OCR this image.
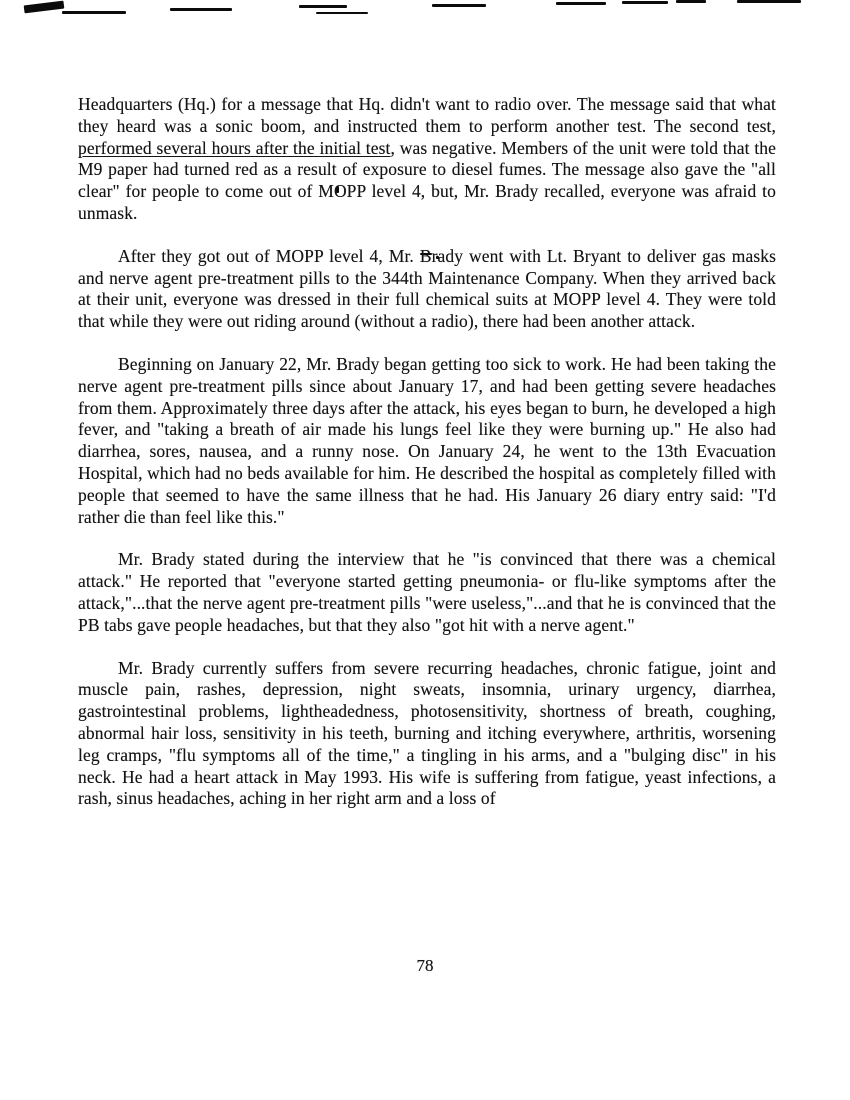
Headquarters (Hq.) for a message that Hq. didn't want to radio over. The message said that what they heard was a sonic boom, and instructed them to perform another test. The second test, performed several hours after the initial test, was negative. Members of the unit were told that the M9 paper had turned red as a result of exposure to diesel fumes. The message also gave the "all clear" for people to come out of MOPP level 4, but, Mr. Brady recalled, everyone was afraid to unmask.

After they got out of MOPP level 4, Mr. Brady went with Lt. Bryant to deliver gas masks and nerve agent pre-treatment pills to the 344th Maintenance Company. When they arrived back at their unit, everyone was dressed in their full chemical suits at MOPP level 4. They were told that while they were out riding around (without a radio), there had been another attack.

Beginning on January 22, Mr. Brady began getting too sick to work. He had been taking the nerve agent pre-treatment pills since about January 17, and had been getting severe headaches from them. Approximately three days after the attack, his eyes began to burn, he developed a high fever, and "taking a breath of air made his lungs feel like they were burning up." He also had diarrhea, sores, nausea, and a runny nose. On January 24, he went to the 13th Evacuation Hospital, which had no beds available for him. He described the hospital as completely filled with people that seemed to have the same illness that he had. His January 26 diary entry said: "I'd rather die than feel like this."

Mr. Brady stated during the interview that he "is convinced that there was a chemical attack." He reported that "everyone started getting pneumonia- or flu-like symptoms after the attack,"...that the nerve agent pre-treatment pills "were useless,"...and that he is convinced that the PB tabs gave people headaches, but that they also "got hit with a nerve agent."

Mr. Brady currently suffers from severe recurring headaches, chronic fatigue, joint and muscle pain, rashes, depression, night sweats, insomnia, urinary urgency, diarrhea, gastrointestinal problems, lightheadedness, photosensitivity, shortness of breath, coughing, abnormal hair loss, sensitivity in his teeth, burning and itching everywhere, arthritis, worsening leg cramps, "flu symptoms all of the time," a tingling in his arms, and a "bulging disc" in his neck. He had a heart attack in May 1993. His wife is suffering from fatigue, yeast infections, a rash, sinus headaches, aching in her right arm and a loss of

78
